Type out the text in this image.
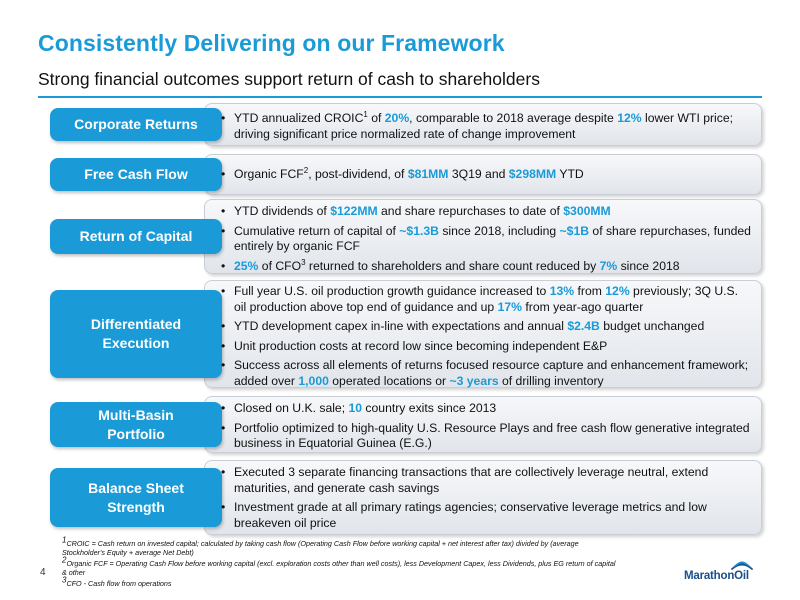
Consistently Delivering on our Framework
Strong financial outcomes support return of cash to shareholders
Corporate Returns	• YTD annualized CROIC$^1$ of 20%, comparable to 2018 average despite 12% lower WTI price; driving significant price normalized rate of change improvement
Free Cash Flow	• Organic FCF$^2$, post-dividend, of $81MM 3Q19 and $298MM YTD
Return of Capital
• YTD dividends of $122MM and share repurchases to date of $300MM
• Cumulative return of capital of ~$1.3B since 2018, including ~$1B of share repurchases, funded entirely by organic FCF
• 25% of CFO$^3$ returned to shareholders and share count reduced by 7% since 2018
Differentiated
Execution
• Full year U.S. oil production growth guidance increased to 13% from 12% previously; 3Q U.S. oil production above top end of guidance and up 17% from year-ago quarter
• YTD development capex in-line with expectations and annual $2.4B budget unchanged
• Unit production costs at record low since becoming independent E&P
• Success across all elements of returns focused resource capture and enhancement framework; added over 1,000 operated locations or ~3 years of drilling inventory
Multi-Basin
Portfolio
• Closed on U.K. sale; 10 country exits since 2013
• Portfolio optimized to high-quality U.S. Resource Plays and free cash flow generative integrated business in Equatorial Guinea (E.G.)
Balance Sheet
Strength
• Executed 3 separate financing transactions that are collectively leverage neutral, extend maturities, and generate cash savings
• Investment grade at all primary ratings agencies; conservative leverage metrics and low breakeven oil price
$^1$CROIC = Cash return on invested capital; calculated by taking cash flow (Operating Cash Flow before working capital + net interest after tax) divided by (average Stockholder's Equity + average Net Debt)
$^2$Organic FCF = Operating Cash Flow before working capital (excl. exploration costs other than well costs), less Development Capex, less Dividends, plus EG return of capital & other
$^3$CFO - Cash flow from operations
4	MarathonOil
